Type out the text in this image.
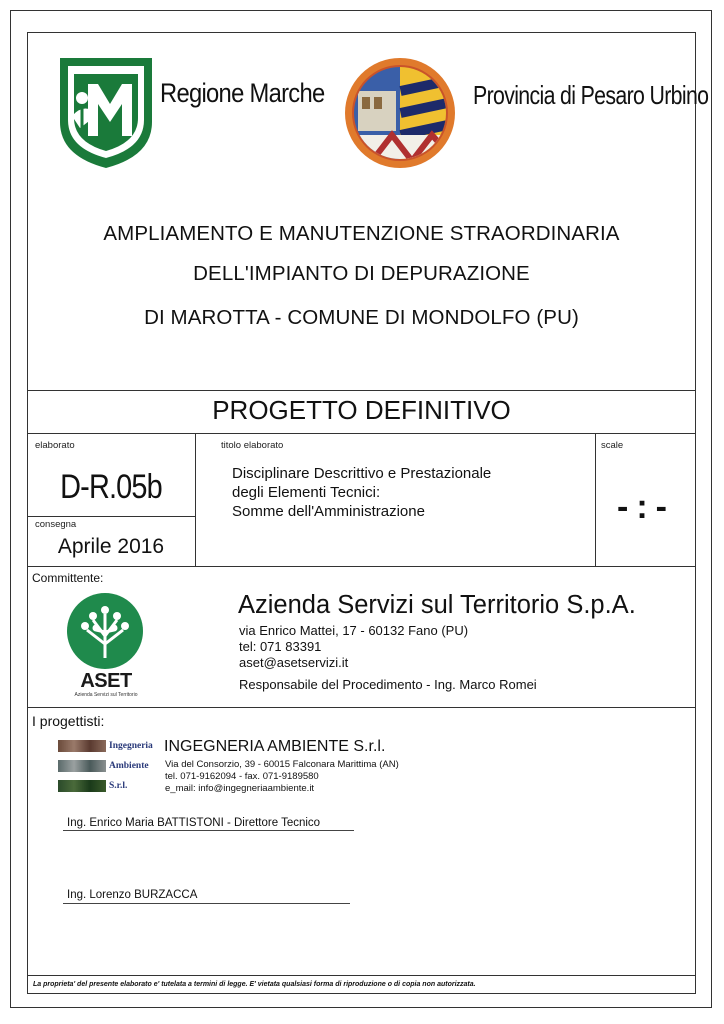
Regione Marche	Provincia di Pesaro Urbino
AMPLIAMENTO E MANUTENZIONE STRAORDINARIA
DELL'IMPIANTO DI DEPURAZIONE
DI MAROTTA - COMUNE DI MONDOLFO (PU)
PROGETTO DEFINITIVO
elaborato
D-R.05b
consegna
Aprile 2016
titolo elaborato
Disciplinare Descrittivo e Prestazionale
degli Elementi Tecnici:
Somme dell'Amministrazione
scale
-:-
Committente:
ASET
Azienda Servizi sul Territorio
Azienda Servizi sul Territorio S.p.A.
via Enrico Mattei, 17 - 60132 Fano (PU)
tel: 071 83391
aset@asetservizi.it
Responsabile del Procedimento - Ing. Marco Romei
I progettisti:
Ingegneria
Ambiente
S.r.l.
INGEGNERIA AMBIENTE S.r.l.
Via del Consorzio, 39 - 60015 Falconara Marittima (AN)
tel. 071-9162094 - fax. 071-9189580
e_mail: info@ingegneriaambiente.it
Ing. Enrico Maria BATTISTONI - Direttore Tecnico
Ing. Lorenzo BURZACCA
La proprieta' del presente elaborato e' tutelata a termini di legge. E' vietata qualsiasi forma di riproduzione o di copia non autorizzata.
